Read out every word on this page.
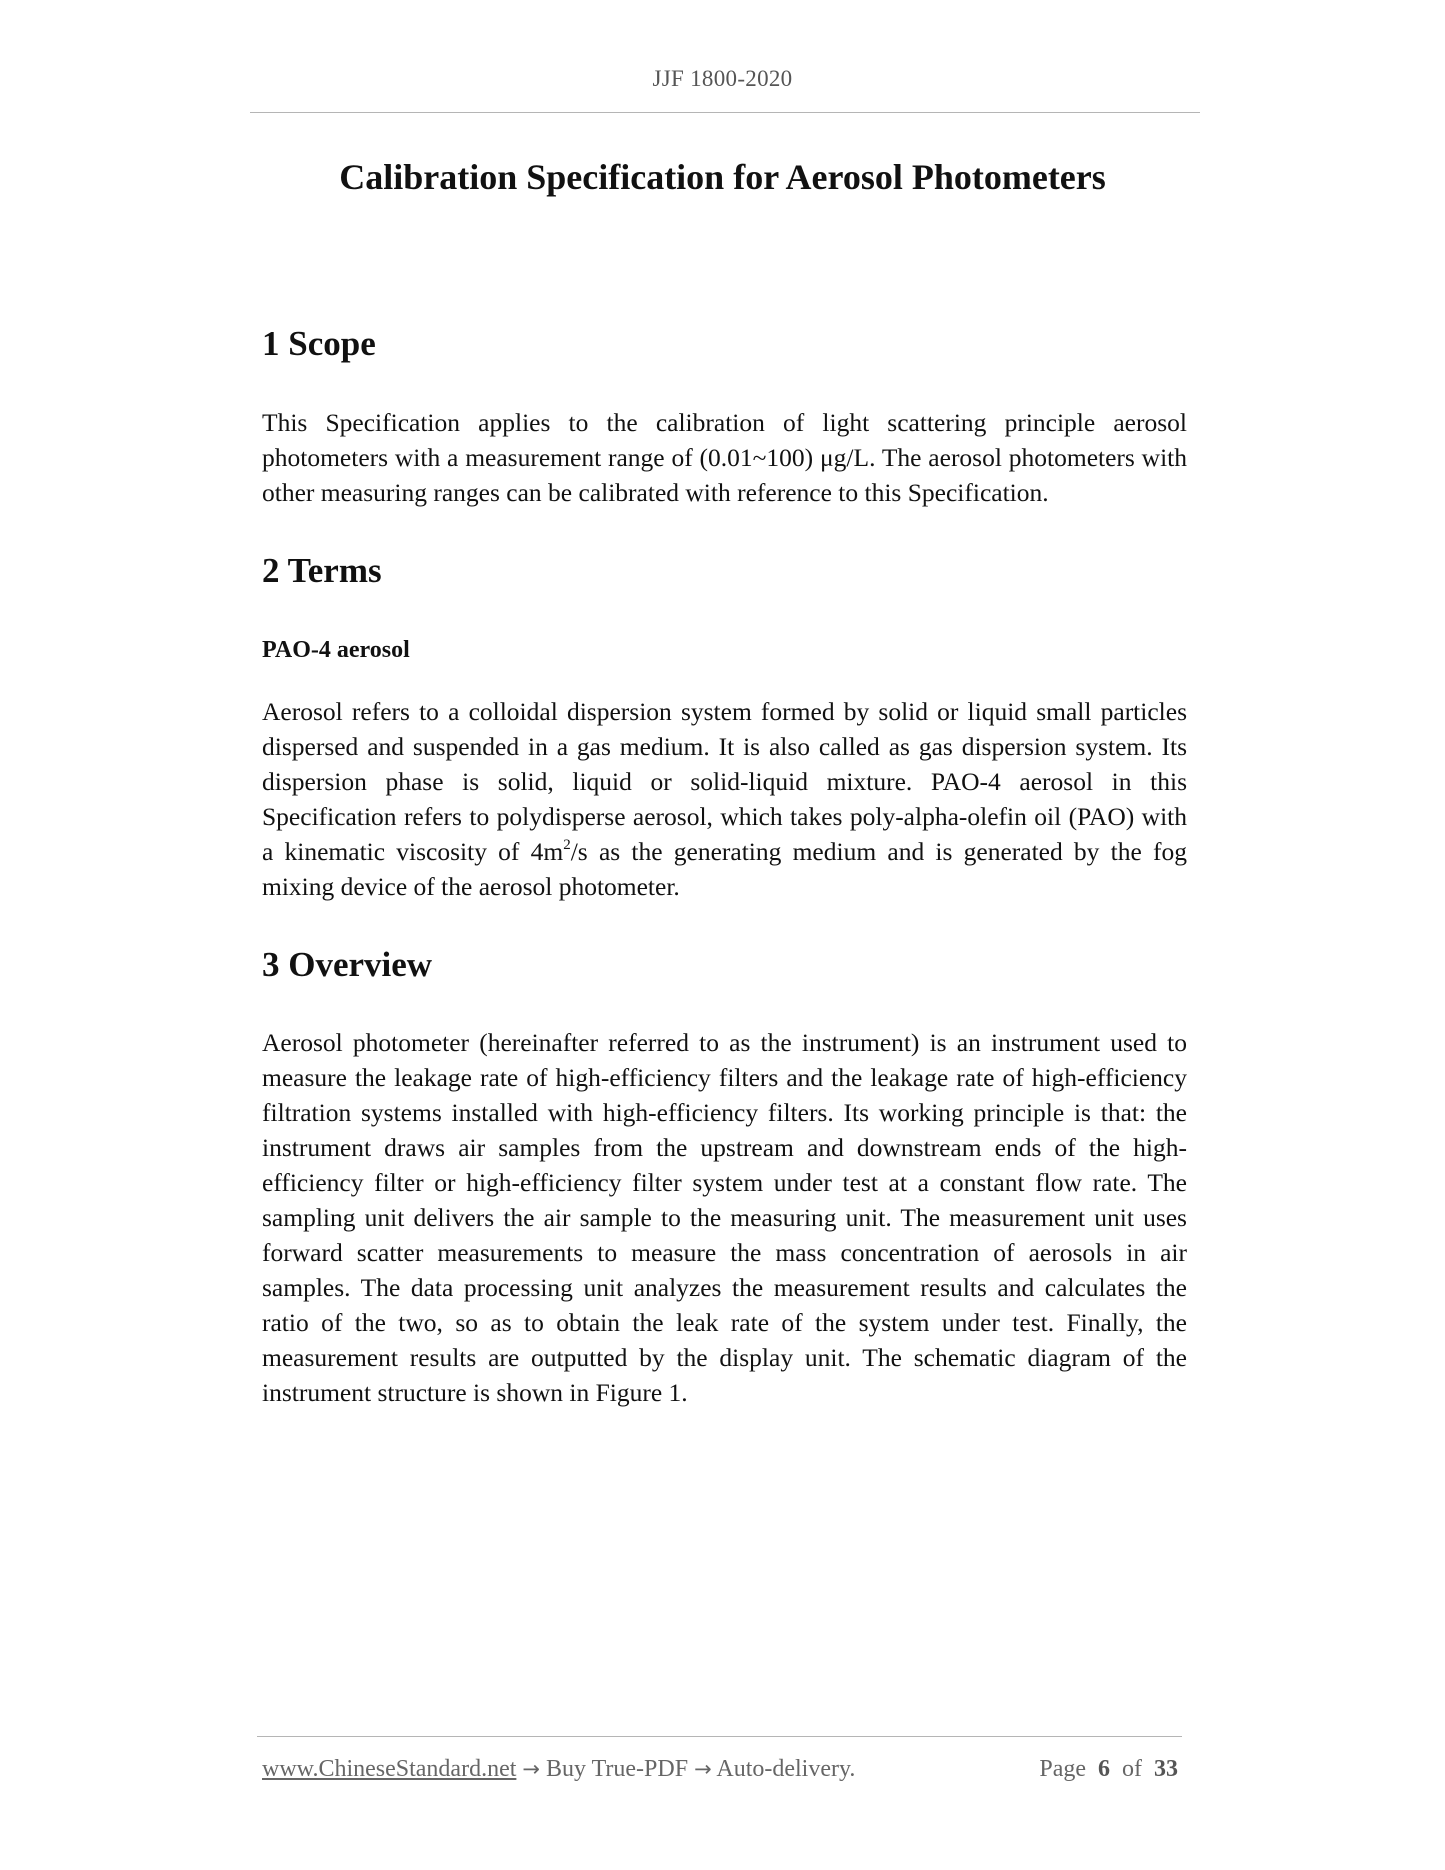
JJF 1800-2020
Calibration Specification for Aerosol Photometers
1 Scope

This Specification applies to the calibration of light scattering principle aerosol photometers with a measurement range of (0.01~100) μg/L. The aerosol photometers with other measuring ranges can be calibrated with reference to this Specification.

2 Terms
PAO-4 aerosol

Aerosol refers to a colloidal dispersion system formed by solid or liquid small particles dispersed and suspended in a gas medium. It is also called as gas dispersion system. Its dispersion phase is solid, liquid or solid-liquid mixture. PAO-4 aerosol in this Specification refers to polydisperse aerosol, which takes poly-alpha-olefin oil (PAO) with a kinematic viscosity of $4m^2/s$ as the generating medium and is generated by the fog mixing device of the aerosol photometer.

3 Overview

Aerosol photometer (hereinafter referred to as the instrument) is an instrument used to measure the leakage rate of high-efficiency filters and the leakage rate of high-efficiency filtration systems installed with high-efficiency filters. Its working principle is that: the instrument draws air samples from the upstream and downstream ends of the high-efficiency filter or high-efficiency filter system under test at a constant flow rate. The sampling unit delivers the air sample to the measuring unit. The measurement unit uses forward scatter measurements to measure the mass concentration of aerosols in air samples. The data processing unit analyzes the measurement results and calculates the ratio of the two, so as to obtain the leak rate of the system under test. Finally, the measurement results are outputted by the display unit. The schematic diagram of the instrument structure is shown in Figure 1.

www.ChineseStandard.net → Buy True-PDF → Auto-delivery.	Page 6 of 33
